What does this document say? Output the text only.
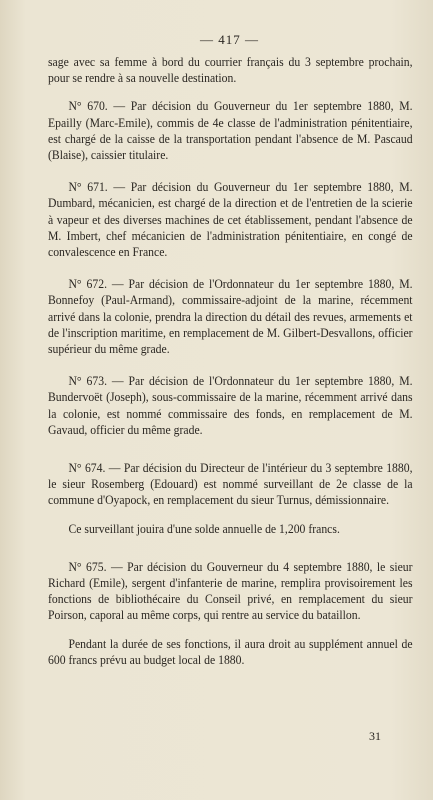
— 417 —

sage avec sa femme à bord du courrier français du 3 septembre prochain, pour se rendre à sa nouvelle destination.

N° 670. — Par décision du Gouverneur du 1er septembre 1880, M. Epailly (Marc-Emile), commis de 4e classe de l'administration pénitentiaire, est chargé de la caisse de la transportation pendant l'absence de M. Pascaud (Blaise), caissier titulaire.

N° 671. — Par décision du Gouverneur du 1er septembre 1880, M. Dumbard, mécanicien, est chargé de la direction et de l'entretien de la scierie à vapeur et des diverses machines de cet établissement, pendant l'absence de M. Imbert, chef mécanicien de l'administration pénitentiaire, en congé de convalescence en France.

N° 672. — Par décision de l'Ordonnateur du 1er septembre 1880, M. Bonnefoy (Paul-Armand), commissaire-adjoint de la marine, récemment arrivé dans la colonie, prendra la direction du détail des revues, armements et de l'inscription maritime, en remplacement de M. Gilbert-Desvallons, officier supérieur du même grade.

N° 673. — Par décision de l'Ordonnateur du 1er septembre 1880, M. Bundervoët (Joseph), sous-commissaire de la marine, récemment arrivé dans la colonie, est nommé commissaire des fonds, en remplacement de M. Gavaud, officier du même grade.

N° 674. — Par décision du Directeur de l'intérieur du 3 septembre 1880, le sieur Rosemberg (Edouard) est nommé surveillant de 2e classe de la commune d'Oyapock, en remplacement du sieur Turnus, démissionnaire.

Ce surveillant jouira d'une solde annuelle de 1,200 francs.

N° 675. — Par décision du Gouverneur du 4 septembre 1880, le sieur Richard (Emile), sergent d'infanterie de marine, remplira provisoirement les fonctions de bibliothécaire du Conseil privé, en remplacement du sieur Poirson, caporal au même corps, qui rentre au service du bataillon.

Pendant la durée de ses fonctions, il aura droit au supplément annuel de 600 francs prévu au budget local de 1880.

31
